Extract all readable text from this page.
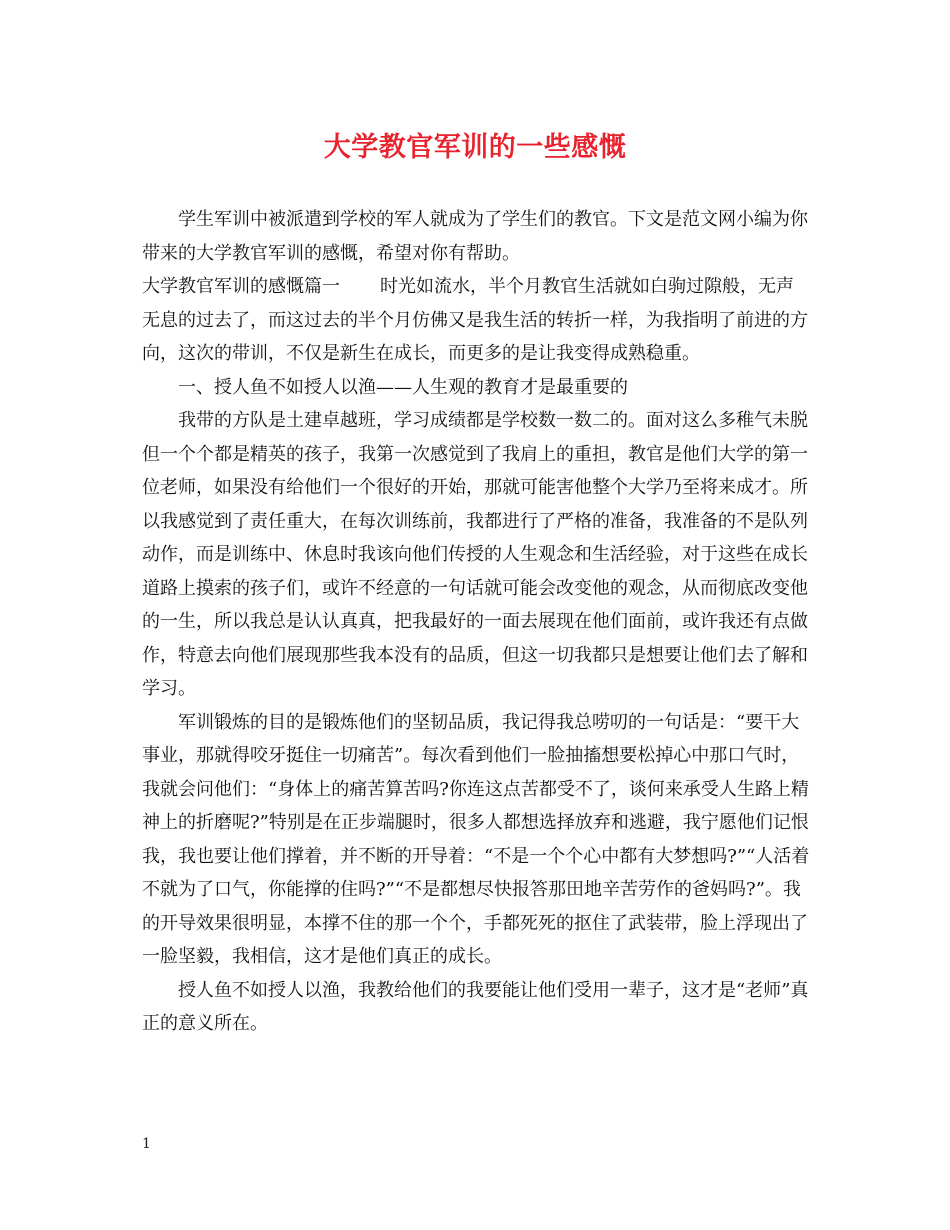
大学教官军训的一些感慨

学生军训中被派遣到学校的军人就成为了学生们的教官。下文是范文网小编为你带来的大学教官军训的感慨，希望对你有帮助。

大学教官军训的感慨篇一 时光如流水，半个月教官生活就如白驹过隙般，无声无息的过去了，而这过去的半个月仿佛又是我生活的转折一样，为我指明了前进的方向，这次的带训，不仅是新生在成长，而更多的是让我变得成熟稳重。

一、授人鱼不如授人以渔——人生观的教育才是最重要的

我带的方队是土建卓越班，学习成绩都是学校数一数二的。面对这么多稚气未脱但一个个都是精英的孩子，我第一次感觉到了我肩上的重担，教官是他们大学的第一位老师，如果没有给他们一个很好的开始，那就可能害他整个大学乃至将来成才。所以我感觉到了责任重大，在每次训练前，我都进行了严格的准备，我准备的不是队列动作，而是训练中、休息时我该向他们传授的人生观念和生活经验，对于这些在成长道路上摸索的孩子们，或许不经意的一句话就可能会改变他的观念，从而彻底改变他的一生，所以我总是认认真真，把我最好的一面去展现在他们面前，或许我还有点做作，特意去向他们展现那些我本没有的品质，但这一切我都只是想要让他们去了解和学习。

军训锻炼的目的是锻炼他们的坚韧品质，我记得我总唠叨的一句话是：“要干大事业，那就得咬牙挺住一切痛苦”。每次看到他们一脸抽搐想要松掉心中那口气时，我就会问他们：“身体上的痛苦算苦吗?你连这点苦都受不了，谈何来承受人生路上精神上的折磨呢?”特别是在正步端腿时，很多人都想选择放弃和逃避，我宁愿他们记恨我，我也要让他们撑着，并不断的开导着：“不是一个个心中都有大梦想吗?”“人活着不就为了口气，你能撑的住吗?”“不是都想尽快报答那田地辛苦劳作的爸妈吗?”。我的开导效果很明显，本撑不住的那一个个，手都死死的抠住了武装带，脸上浮现出了一脸坚毅，我相信，这才是他们真正的成长。

授人鱼不如授人以渔，我教给他们的我要能让他们受用一辈子，这才是“老师”真正的意义所在。

1
